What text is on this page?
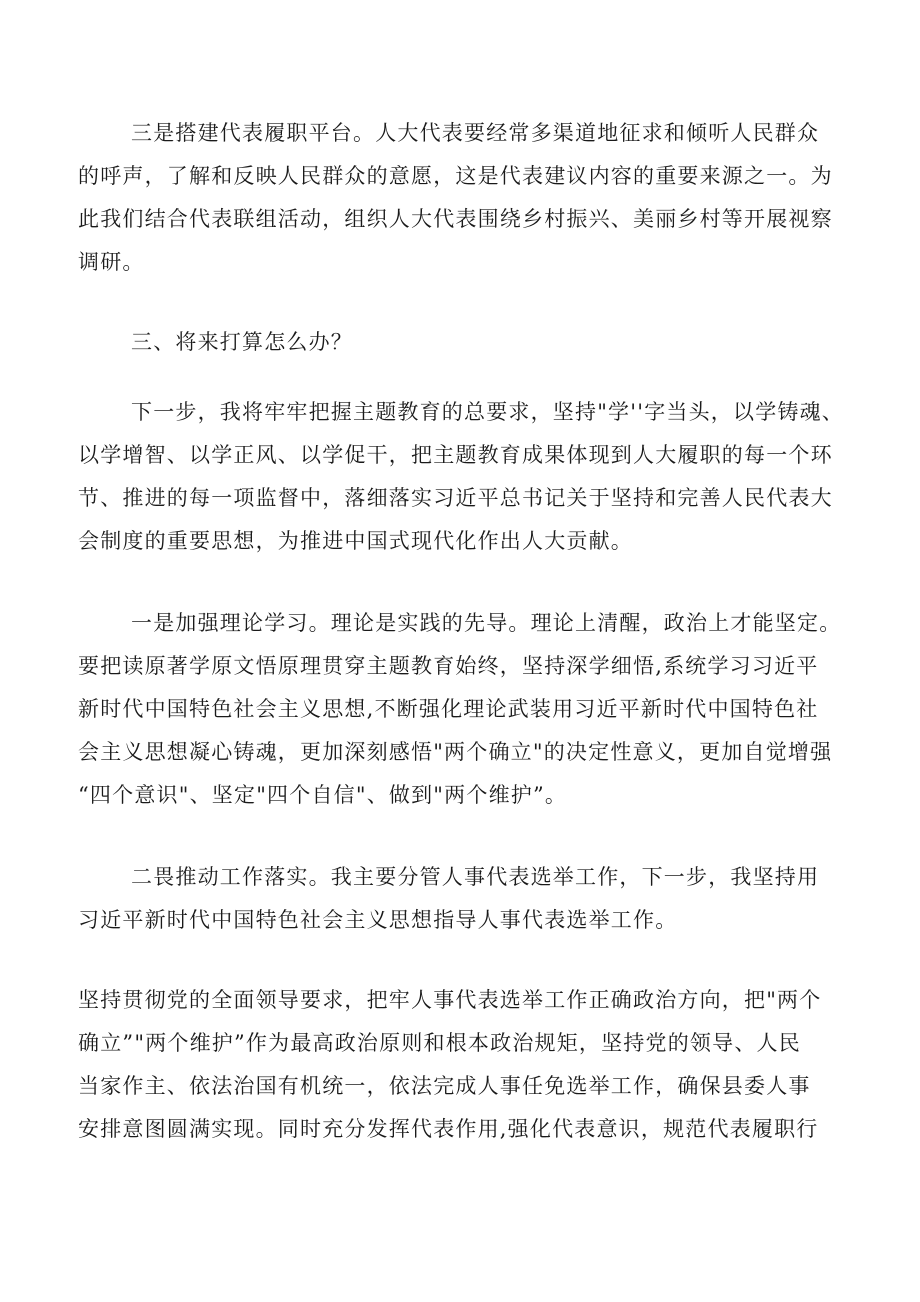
三是搭建代表履职平台。人大代表要经常多渠道地征求和倾听人民群众
的呼声，了解和反映人民群众的意愿，这是代表建议内容的重要来源之一。为
此我们结合代表联组活动，组织人大代表围绕乡村振兴、美丽乡村等开展视察
调研。
三、将来打算怎么办？
下一步，我将牢牢把握主题教育的总要求，坚持"学''字当头，以学铸魂、
以学增智、以学正风、以学促干，把主题教育成果体现到人大履职的每一个环
节、推进的每一项监督中，落细落实习近平总书记关于坚持和完善人民代表大
会制度的重要思想，为推进中国式现代化作出人大贡献。
一是加强理论学习。理论是实践的先导。理论上清醒，政治上才能坚定。
要把读原著学原文悟原理贯穿主题教育始终，坚持深学细悟,系统学习习近平
新时代中国特色社会主义思想,不断强化理论武装用习近平新时代中国特色社
会主义思想凝心铸魂，更加深刻感悟"两个确立"的决定性意义，更加自觉增强
“四个意识"、坚定"四个自信"、做到"两个维护”。
二畏推动工作落实。我主要分管人事代表选举工作，下一步，我坚持用
习近平新时代中国特色社会主义思想指导人事代表选举工作。
坚持贯彻党的全面领导要求，把牢人事代表选举工作正确政治方向，把"两个
确立”"两个维护”作为最高政治原则和根本政治规矩，坚持党的领导、人民
当家作主、依法治国有机统一，依法完成人事任免选举工作，确保县委人事
安排意图圆满实现。同时充分发挥代表作用,强化代表意识，规范代表履职行
